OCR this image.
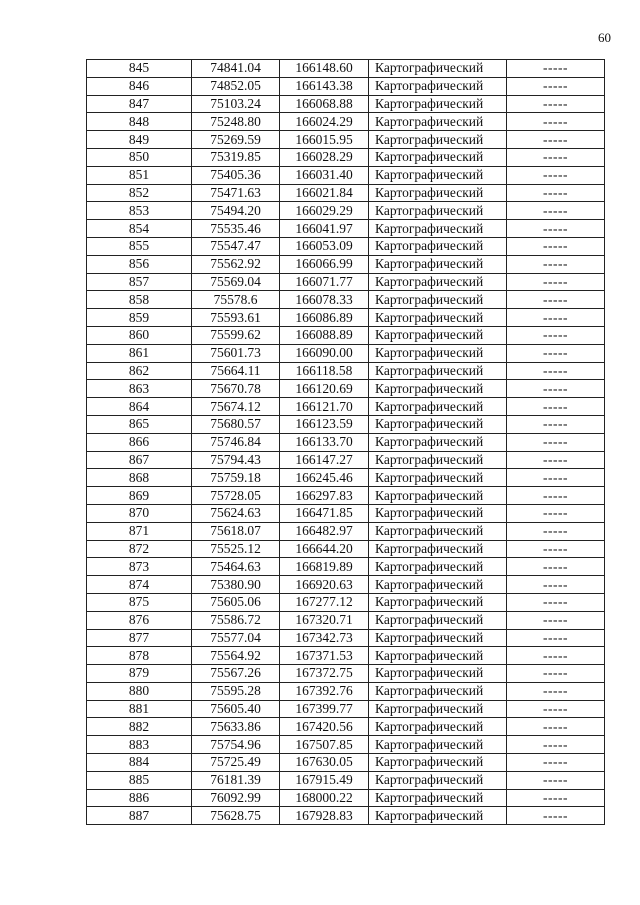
60
845	74841.04	166148.60	Картографический	-----
846	74852.05	166143.38	Картографический	-----
847	75103.24	166068.88	Картографический	-----
848	75248.80	166024.29	Картографический	-----
849	75269.59	166015.95	Картографический	-----
850	75319.85	166028.29	Картографический	-----
851	75405.36	166031.40	Картографический	-----
852	75471.63	166021.84	Картографический	-----
853	75494.20	166029.29	Картографический	-----
854	75535.46	166041.97	Картографический	-----
855	75547.47	166053.09	Картографический	-----
856	75562.92	166066.99	Картографический	-----
857	75569.04	166071.77	Картографический	-----
858	75578.6	166078.33	Картографический	-----
859	75593.61	166086.89	Картографический	-----
860	75599.62	166088.89	Картографический	-----
861	75601.73	166090.00	Картографический	-----
862	75664.11	166118.58	Картографический	-----
863	75670.78	166120.69	Картографический	-----
864	75674.12	166121.70	Картографический	-----
865	75680.57	166123.59	Картографический	-----
866	75746.84	166133.70	Картографический	-----
867	75794.43	166147.27	Картографический	-----
868	75759.18	166245.46	Картографический	-----
869	75728.05	166297.83	Картографический	-----
870	75624.63	166471.85	Картографический	-----
871	75618.07	166482.97	Картографический	-----
872	75525.12	166644.20	Картографический	-----
873	75464.63	166819.89	Картографический	-----
874	75380.90	166920.63	Картографический	-----
875	75605.06	167277.12	Картографический	-----
876	75586.72	167320.71	Картографический	-----
877	75577.04	167342.73	Картографический	-----
878	75564.92	167371.53	Картографический	-----
879	75567.26	167372.75	Картографический	-----
880	75595.28	167392.76	Картографический	-----
881	75605.40	167399.77	Картографический	-----
882	75633.86	167420.56	Картографический	-----
883	75754.96	167507.85	Картографический	-----
884	75725.49	167630.05	Картографический	-----
885	76181.39	167915.49	Картографический	-----
886	76092.99	168000.22	Картографический	-----
887	75628.75	167928.83	Картографический	-----
